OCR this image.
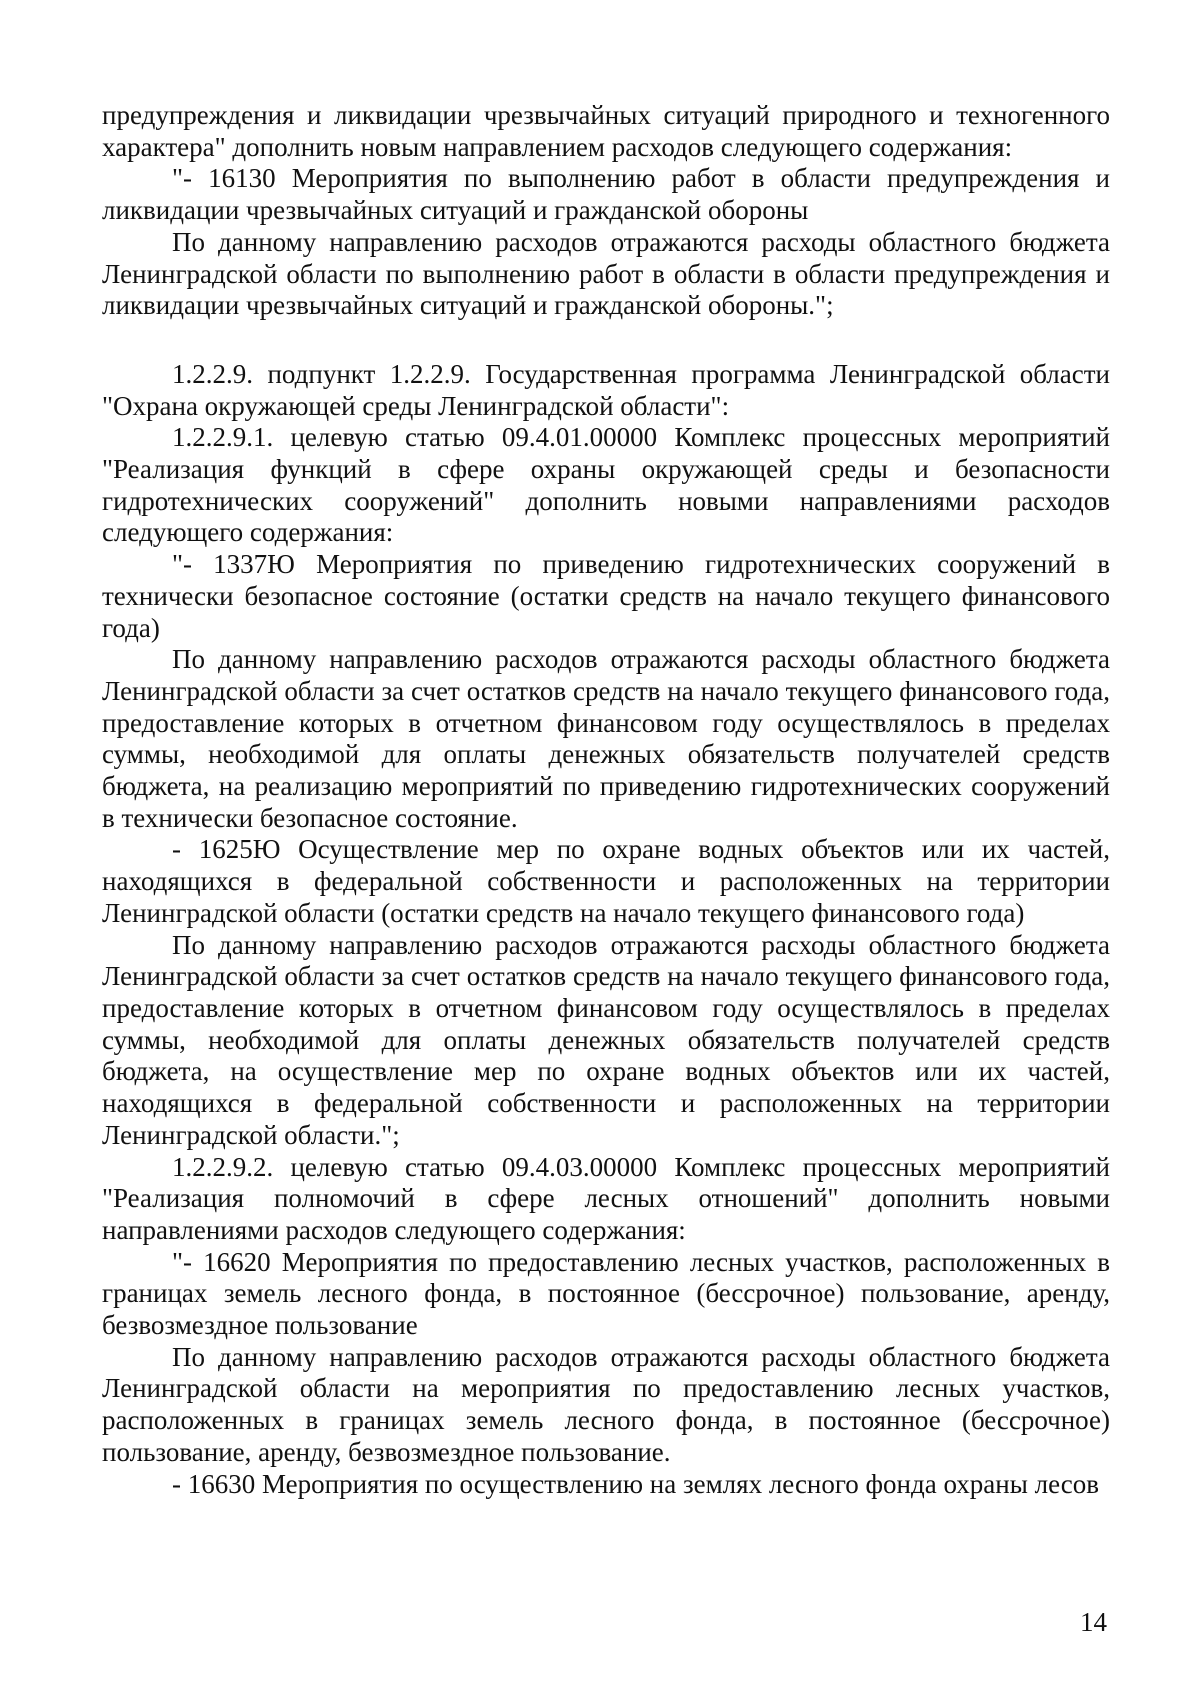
предупреждения и ликвидации чрезвычайных ситуаций природного и техногенного характера" дополнить новым направлением расходов следующего содержания:

"- 16130 Мероприятия по выполнению работ в области предупреждения и ликвидации чрезвычайных ситуаций и гражданской обороны

По данному направлению расходов отражаются расходы областного бюджета Ленинградской области по выполнению работ в области в области предупреждения и ликвидации чрезвычайных ситуаций и гражданской обороны.";

1.2.2.9. подпункт 1.2.2.9. Государственная программа Ленинградской области "Охрана окружающей среды Ленинградской области":

1.2.2.9.1. целевую статью 09.4.01.00000 Комплекс процессных мероприятий "Реализация функций в сфере охраны окружающей среды и безопасности гидротехнических сооружений" дополнить новыми направлениями расходов следующего содержания:

"- 1337Ю Мероприятия по приведению гидротехнических сооружений в технически безопасное состояние (остатки средств на начало текущего финансового года)

По данному направлению расходов отражаются расходы областного бюджета Ленинградской области за счет остатков средств на начало текущего финансового года, предоставление которых в отчетном финансовом году осуществлялось в пределах суммы, необходимой для оплаты денежных обязательств получателей средств бюджета, на реализацию мероприятий по приведению гидротехнических сооружений в технически безопасное состояние.

- 1625Ю Осуществление мер по охране водных объектов или их частей, находящихся в федеральной собственности и расположенных на территории Ленинградской области (остатки средств на начало текущего финансового года)

По данному направлению расходов отражаются расходы областного бюджета Ленинградской области за счет остатков средств на начало текущего финансового года, предоставление которых в отчетном финансовом году осуществлялось в пределах суммы, необходимой для оплаты денежных обязательств получателей средств бюджета, на осуществление мер по охране водных объектов или их частей, находящихся в федеральной собственности и расположенных на территории Ленинградской области.";

1.2.2.9.2. целевую статью 09.4.03.00000 Комплекс процессных мероприятий "Реализация полномочий в сфере лесных отношений" дополнить новыми направлениями расходов следующего содержания:

"- 16620 Мероприятия по предоставлению лесных участков, расположенных в границах земель лесного фонда, в постоянное (бессрочное) пользование, аренду, безвозмездное пользование

По данному направлению расходов отражаются расходы областного бюджета Ленинградской области на мероприятия по предоставлению лесных участков, расположенных в границах земель лесного фонда, в постоянное (бессрочное) пользование, аренду, безвозмездное пользование.

- 16630 Мероприятия по осуществлению на землях лесного фонда охраны лесов

14
